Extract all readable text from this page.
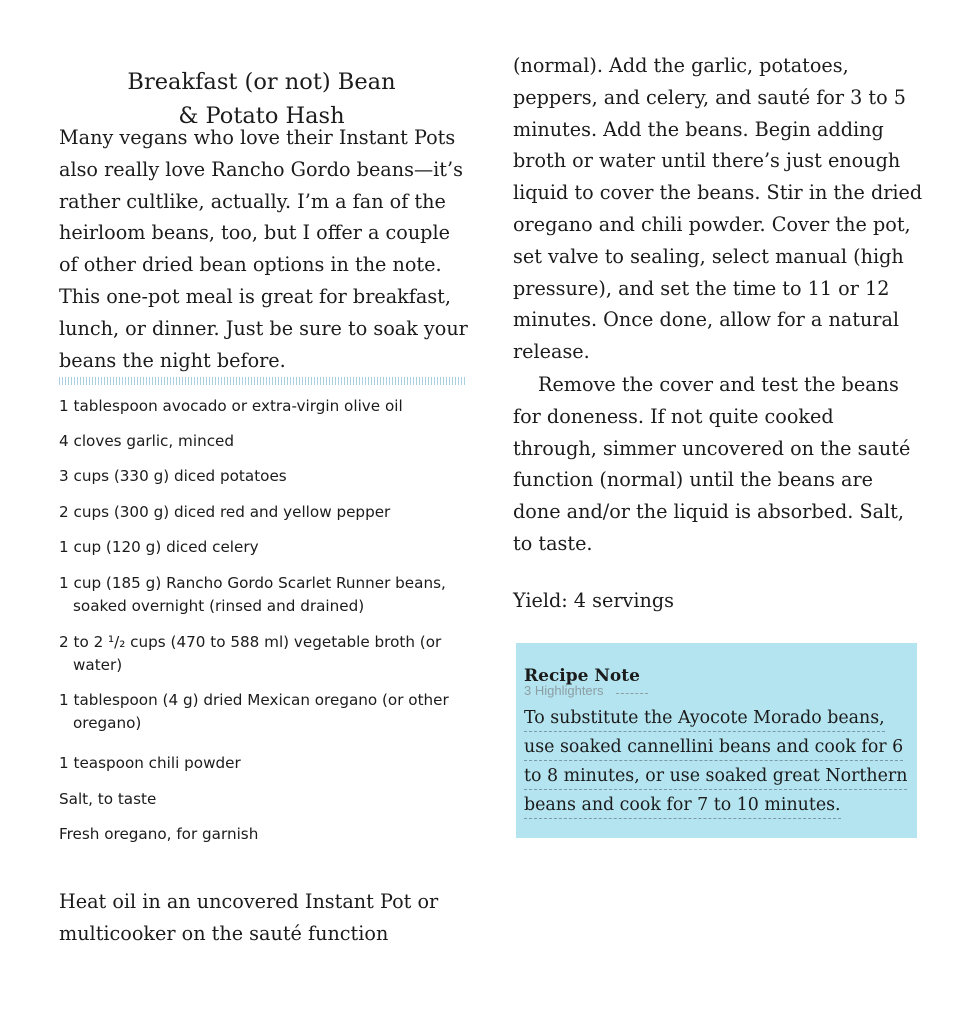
Breakfast (or not) Bean
& Potato Hash

Many vegans who love their Instant Pots also really love Rancho Gordo beans—it’s rather cultlike, actually. I’m a fan of the heirloom beans, too, but I offer a couple of other dried bean options in the note. This one-pot meal is great for breakfast, lunch, or dinner. Just be sure to soak your beans the night before.

1 tablespoon avocado or extra-virgin olive oil
4 cloves garlic, minced
3 cups (330 g) diced potatoes
2 cups (300 g) diced red and yellow pepper
1 cup (120 g) diced celery
1 cup (185 g) Rancho Gordo Scarlet Runner beans, soaked overnight (rinsed and drained)
2 to 2 ¹/₂ cups (470 to 588 ml) vegetable broth (or water)
1 tablespoon (4 g) dried Mexican oregano (or other oregano)
1 teaspoon chili powder
Salt, to taste
Fresh oregano, for garnish

Heat oil in an uncovered Instant Pot or multicooker on the sauté function

(normal). Add the garlic, potatoes, peppers, and celery, and sauté for 3 to 5 minutes. Add the beans. Begin adding broth or water until there’s just enough liquid to cover the beans. Stir in the dried oregano and chili powder. Cover the pot, set valve to sealing, select manual (high pressure), and set the time to 11 or 12 minutes. Once done, allow for a natural release.

Remove the cover and test the beans for doneness. If not quite cooked through, simmer uncovered on the sauté function (normal) until the beans are done and/or the liquid is absorbed. Salt, to taste.

Yield: 4 servings

Recipe Note
3 Highlighters
To substitute the Ayocote Morado beans,
use soaked cannellini beans and cook for 6
to 8 minutes, or use soaked great Northern
beans and cook for 7 to 10 minutes.
